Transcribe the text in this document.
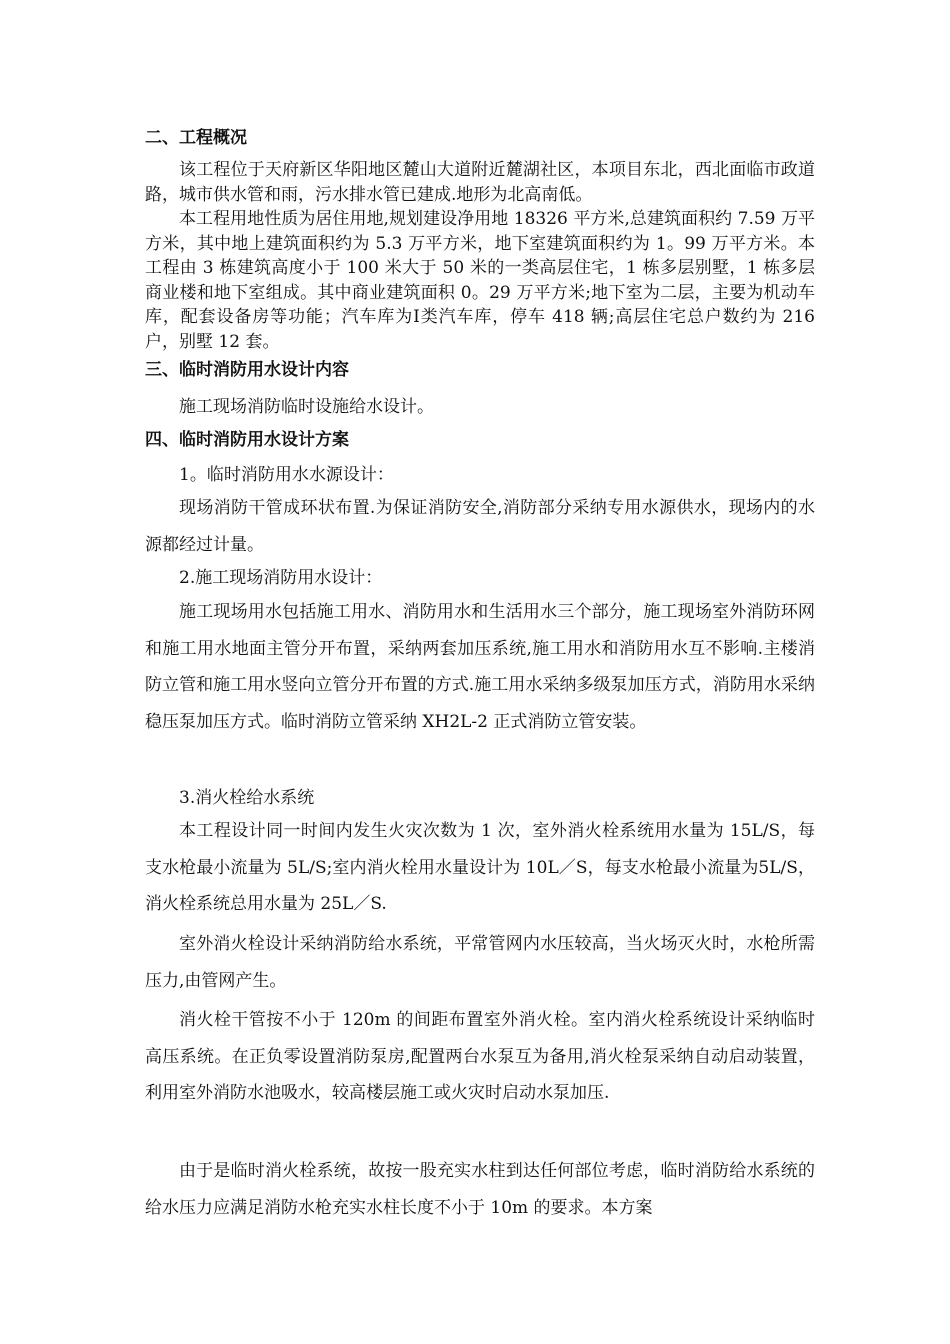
二、工程概况

该工程位于天府新区华阳地区麓山大道附近麓湖社区，本项目东北，西北面临市政道路，城市供水管和雨，污水排水管已建成.地形为北高南低。

本工程用地性质为居住用地,规划建设净用地 18326 平方米,总建筑面积约 7.59 万平方米，其中地上建筑面积约为 5.3 万平方米，地下室建筑面积约为 1。99 万平方米。本工程由 3 栋建筑高度小于 100 米大于 50 米的一类高层住宅，1 栋多层别墅，1 栋多层商业楼和地下室组成。其中商业建筑面积 0。29 万平方米;地下室为二层，主要为机动车库，配套设备房等功能；汽车库为Ⅰ类汽车库，停车 418 辆;高层住宅总户数约为 216 户，别墅 12 套。

三、临时消防用水设计内容

施工现场消防临时设施给水设计。

四、临时消防用水设计方案

1。临时消防用水水源设计：

现场消防干管成环状布置.为保证消防安全,消防部分采纳专用水源供水，现场内的水源都经过计量。

2.施工现场消防用水设计：

施工现场用水包括施工用水、消防用水和生活用水三个部分，施工现场室外消防环网和施工用水地面主管分开布置，采纳两套加压系统,施工用水和消防用水互不影响.主楼消防立管和施工用水竖向立管分开布置的方式.施工用水采纳多级泵加压方式，消防用水采纳稳压泵加压方式。临时消防立管采纳 XH2L-2 正式消防立管安装。

3.消火栓给水系统

本工程设计同一时间内发生火灾次数为 1 次，室外消火栓系统用水量为 15L/S，每支水枪最小流量为 5L/S;室内消火栓用水量设计为 10L／S，每支水枪最小流量为5L/S，消火栓系统总用水量为 25L／S.

室外消火栓设计采纳消防给水系统，平常管网内水压较高，当火场灭火时，水枪所需压力,由管网产生。

消火栓干管按不小于 120m 的间距布置室外消火栓。室内消火栓系统设计采纳临时高压系统。在正负零设置消防泵房,配置两台水泵互为备用,消火栓泵采纳自动启动装置，利用室外消防水池吸水，较高楼层施工或火灾时启动水泵加压.

由于是临时消火栓系统，故按一股充实水柱到达任何部位考虑，临时消防给水系统的给水压力应满足消防水枪充实水柱长度不小于 10m 的要求。本方案
